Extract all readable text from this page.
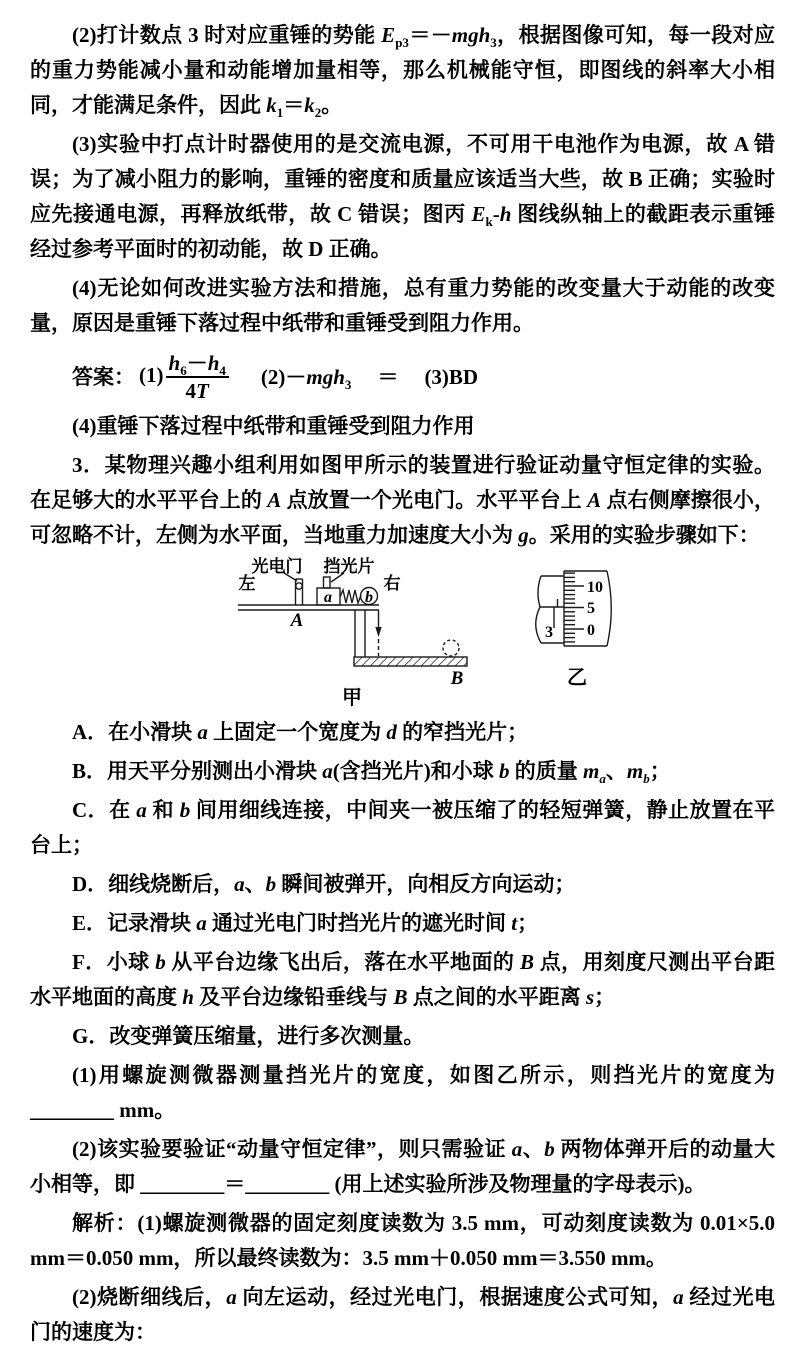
(2)打计数点 3 时对应重锤的势能 $E_{p3}=-mgh_3$，根据图像可知，每一段对应的重力势能减小量和动能增加量相等，那么机械能守恒，即图线的斜率大小相同，才能满足条件，因此 $k_1=k_2$。

(3)实验中打点计时器使用的是交流电源，不可用干电池作为电源，故 A 错误；为了减小阻力的影响，重锤的密度和质量应该适当大些，故 B 正确；实验时应先接通电源，再释放纸带，故 C 错误；图丙 $E_k-h$ 图线纵轴上的截距表示重锤经过参考平面时的初动能，故 D 正确。

(4)无论如何改进实验方法和措施，总有重力势能的改变量大于动能的改变量，原因是重锤下落过程中纸带和重锤受到阻力作用。

答案： $(1) \frac{h_6-h_4}{4T} (2)-mgh_3 = (3)BD$

(4)重锤下落过程中纸带和重锤受到阻力作用

3．某物理兴趣小组利用如图甲所示的装置进行验证动量守恒定律的实验。在足够大的水平平台上的 A 点放置一个光电门。水平平台上 A 点右侧摩擦很小，可忽略不计，左侧为水平面，当地重力加速度大小为 g。采用的实验步骤如下：

左	右
光电门 挡光片
A
a b
B
甲
3
10
5
0
乙

A．在小滑块 a 上固定一个宽度为 d 的窄挡光片；

B．用天平分别测出小滑块 a(含挡光片)和小球 b 的质量 $m_a$、$m_b$；

C．在 a 和 b 间用细线连接，中间夹一被压缩了的轻短弹簧，静止放置在平台上；

D．细线烧断后，a、b 瞬间被弹开，向相反方向运动；

E．记录滑块 a 通过光电门时挡光片的遮光时间 t；

F．小球 b 从平台边缘飞出后，落在水平地面的 B 点，用刻度尺测出平台距水平地面的高度 h 及平台边缘铅垂线与 B 点之间的水平距离 s；

G．改变弹簧压缩量，进行多次测量。

(1)用螺旋测微器测量挡光片的宽度，如图乙所示，则挡光片的宽度为________ mm。

(2)该实验要验证“动量守恒定律”，则只需验证 a、b 两物体弹开后的动量大小相等，即 ________＝________ (用上述实验所涉及物理量的字母表示)。

解析：(1)螺旋测微器的固定刻度读数为 3.5 mm，可动刻度读数为 0.01×5.0 mm＝0.050 mm，所以最终读数为：3.5 mm＋0.050 mm＝3.550 mm。

(2)烧断细线后，a 向左运动，经过光电门，根据速度公式可知，a 经过光电门的速度为：
